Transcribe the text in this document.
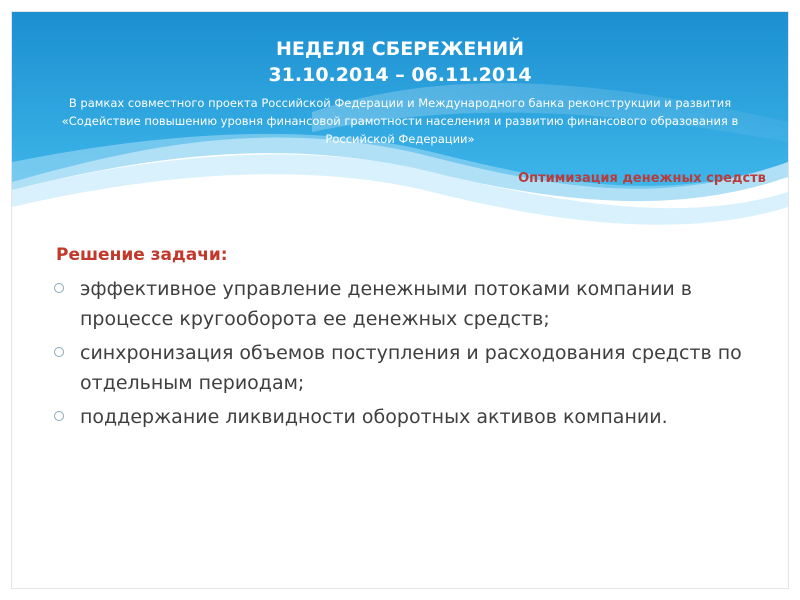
НЕДЕЛЯ СБЕРЕЖЕНИЙ
31.10.2014 – 06.11.2014
В рамках совместного проекта Российской Федерации и Международного банка реконструкции и развития «Содействие повышению уровня финансовой грамотности населения и развитию финансового образования в Российской Федерации»
Оптимизация денежных средств
Решение задачи:
эффективное управление денежными потоками компании в процессе кругооборота ее денежных средств;
синхронизация объемов поступления и расходования средств по отдельным периодам;
поддержание ликвидности оборотных активов компании.
